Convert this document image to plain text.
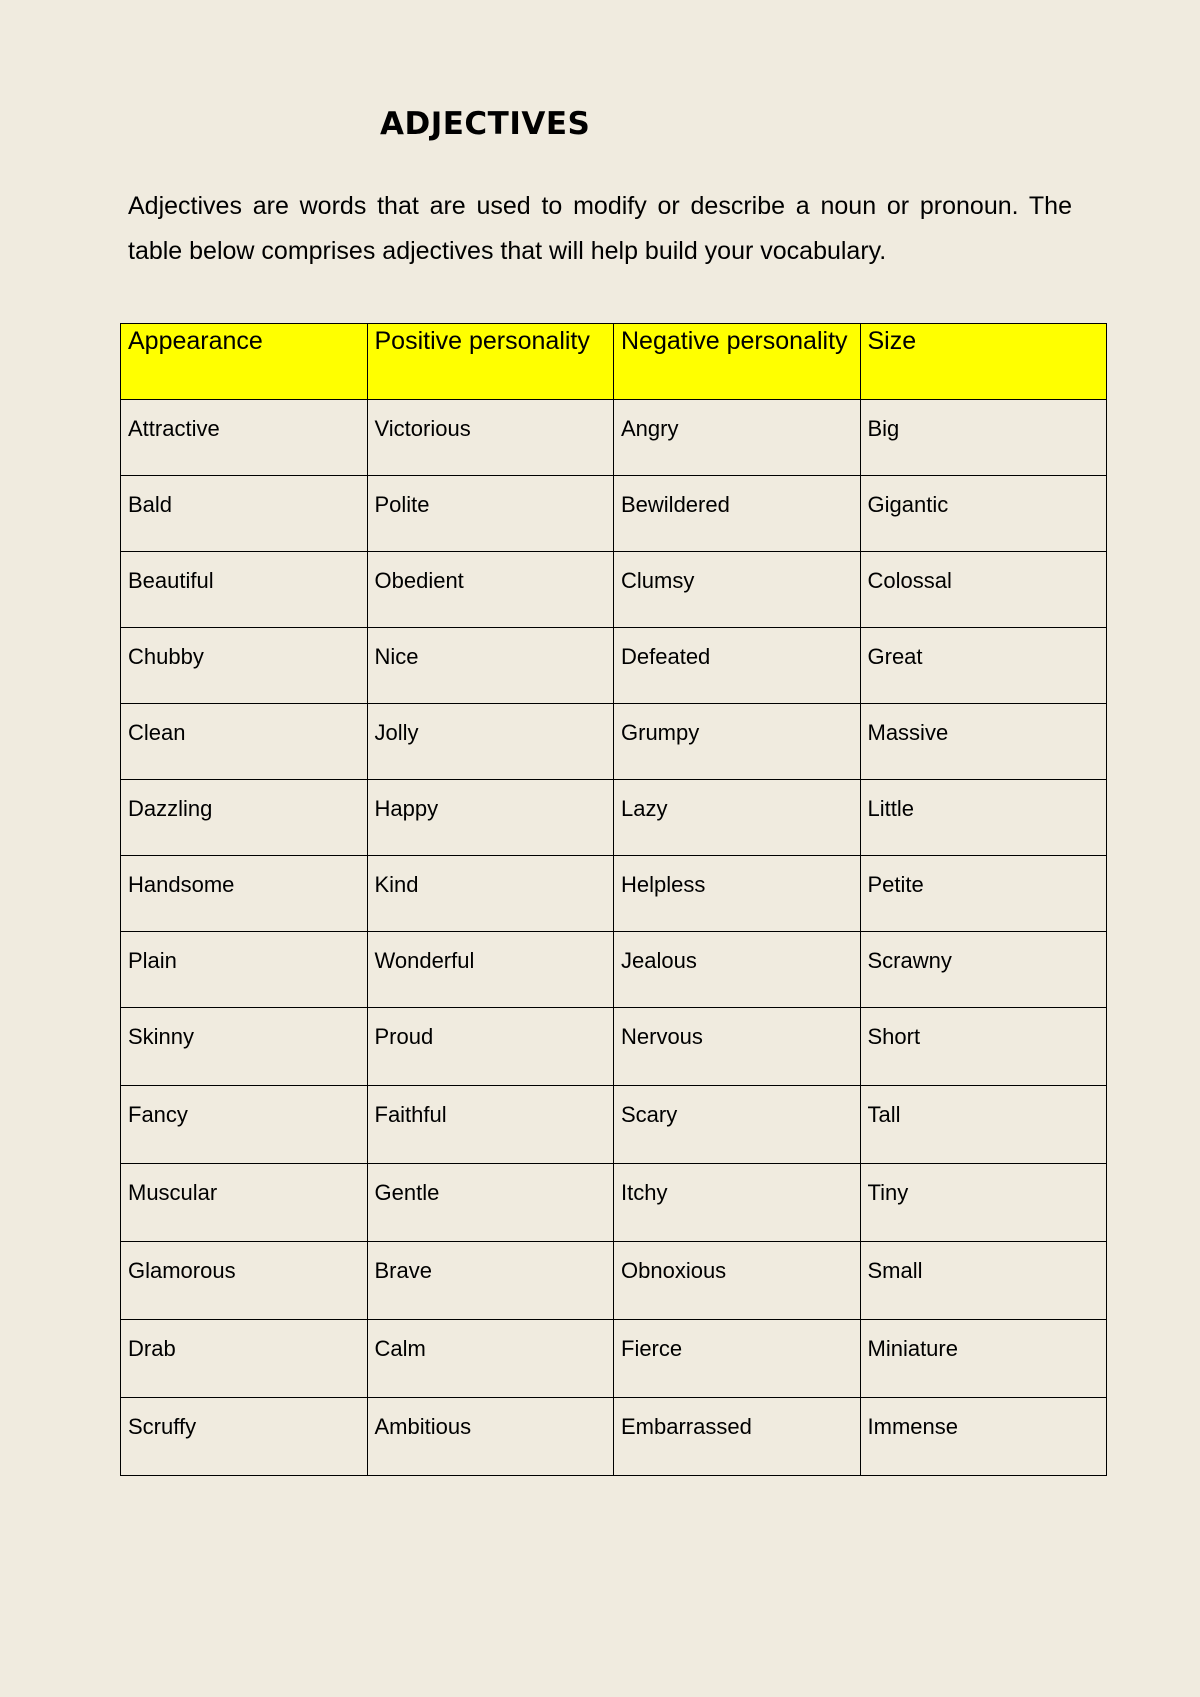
ADJECTIVES

Adjectives are words that are used to modify or describe a noun or pronoun. The table below comprises adjectives that will help build your vocabulary.

Appearance	Positive personality	Negative personality	Size
Attractive	Victorious	Angry	Big
Bald	Polite	Bewildered	Gigantic
Beautiful	Obedient	Clumsy	Colossal
Chubby	Nice	Defeated	Great
Clean	Jolly	Grumpy	Massive
Dazzling	Happy	Lazy	Little
Handsome	Kind	Helpless	Petite
Plain	Wonderful	Jealous	Scrawny
Skinny	Proud	Nervous	Short
Fancy	Faithful	Scary	Tall
Muscular	Gentle	Itchy	Tiny
Glamorous	Brave	Obnoxious	Small
Drab	Calm	Fierce	Miniature
Scruffy	Ambitious	Embarrassed	Immense
